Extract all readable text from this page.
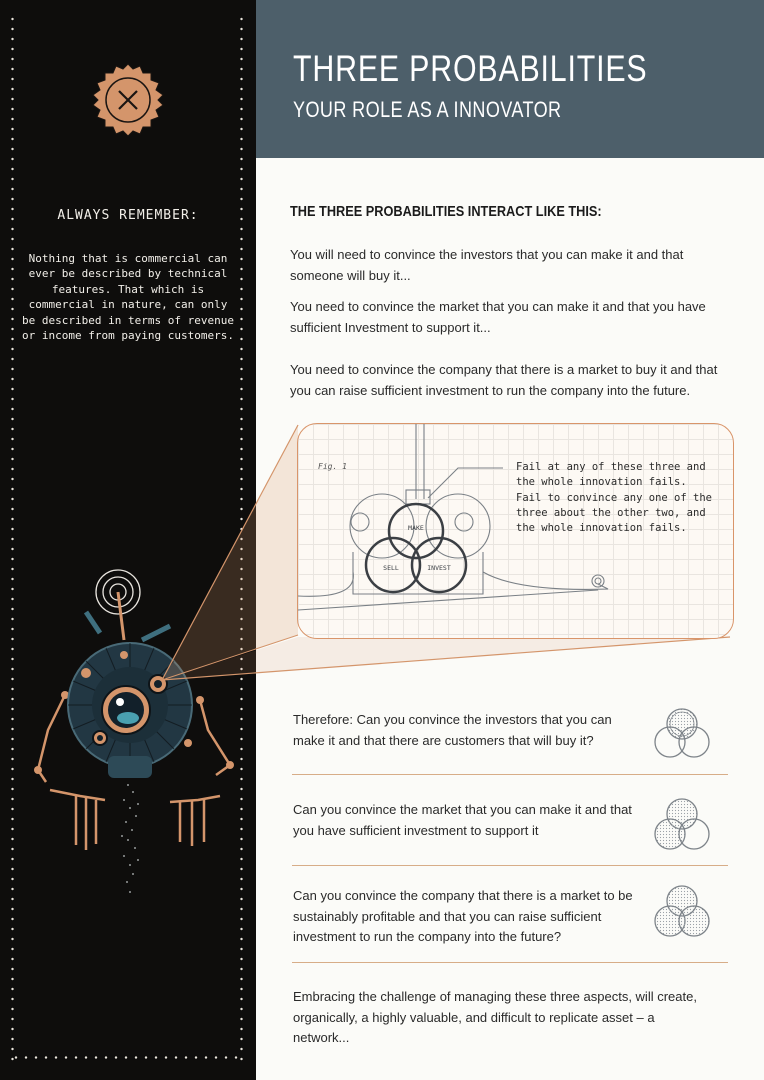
ALWAYS REMEMBER:
Nothing that is commercial can ever be described by technical features. That which is commercial in nature, can only be described in terms of revenue or income from paying customers.
THREE PROBABILITIES
YOUR ROLE AS A INNOVATOR
THE THREE PROBABILITIES INTERACT LIKE THIS:
You will need to convince the investors that you can make it and that someone will buy it...
You need to convince the market that you can make it and that you have sufficient Investment to support it...
You need to convince the company that there is a market to buy it and that you can raise sufficient investment to run the company into the future.
MAKE
SELL	INVEST
Fig. 1	Fail at any of these three and the whole innovation fails. Fail to convince any one of the three about the other two, and the whole innovation fails.
Therefore: Can you convince the investors that you can make it and that there are customers that will buy it?
Can you convince the market that you can make it and that you have sufficient investment to support it
Can you convince the company that there is a market to be sustainably profitable and that you can raise sufficient investment to run the company into the future?
Embracing the challenge of managing these three aspects, will create, organically, a highly valuable, and difficult to replicate asset – a network...
